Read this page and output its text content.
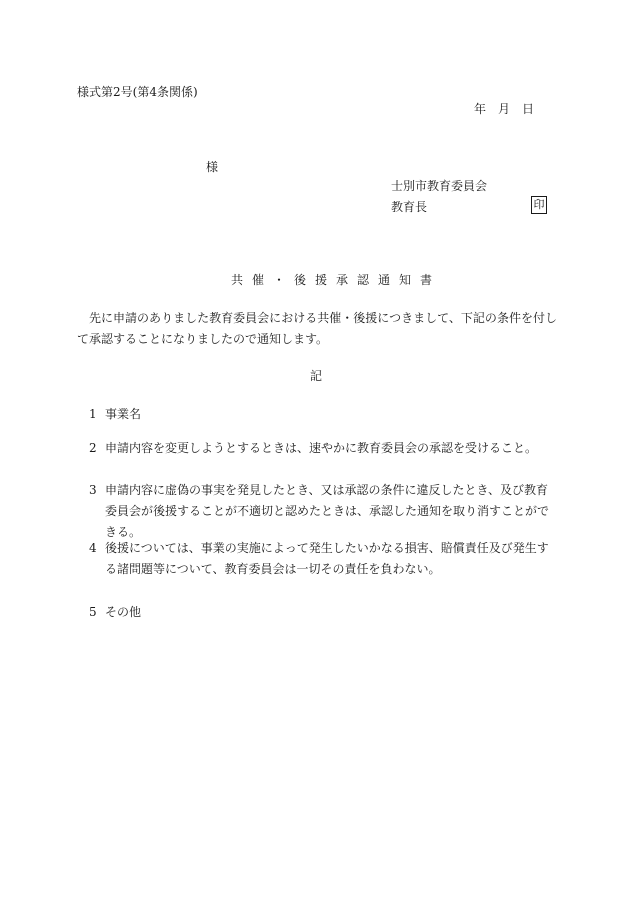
様式第2号(第4条関係)
年　月　日
様
士別市教育委員会
教育長	印
共催・後援承認通知書

先に申請のありました教育委員会における共催・後援につきまして、下記の条件を付して承認することになりましたので通知します。

記
1 事業名
2 申請内容を変更しようとするときは、速やかに教育委員会の承認を受けること。
3 申請内容に虚偽の事実を発見したとき、又は承認の条件に違反したとき、及び教育委員会が後援することが不適切と認めたときは、承認した通知を取り消すことができる。
4 後援については、事業の実施によって発生したいかなる損害、賠償責任及び発生する諸問題等について、教育委員会は一切その責任を負わない。
5 その他
